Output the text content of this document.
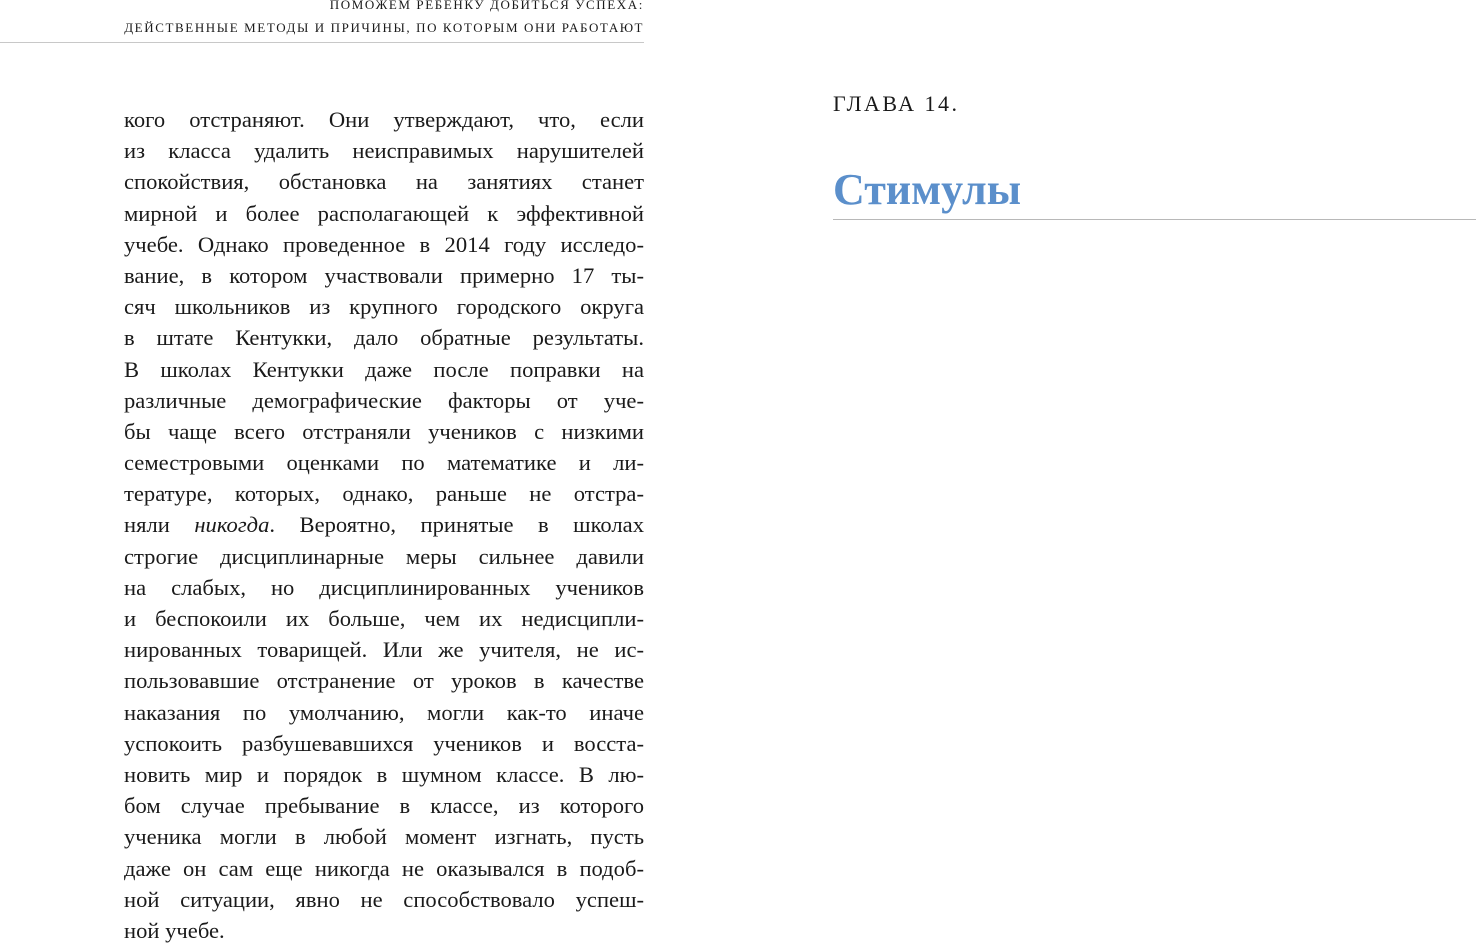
ПОМОЖЕМ РЕБЕНКУ ДОБИТЬСЯ УСПЕХА:

ДЕЙСТВЕННЫЕ МЕТОДЫ И ПРИЧИНЫ, ПО КОТОРЫМ ОНИ РАБОТАЮТ

кого отстраняют. Они утверждают, что, если
из класса удалить неисправимых нарушителей
спокойствия, обстановка на занятиях станет
мирной и более располагающей к эффективной
учебе. Однако проведенное в 2014 году исследо-
вание, в котором участвовали примерно 17 ты-
сяч школьников из крупного городского округа
в штате Кентукки, дало обратные результаты.
В школах Кентукки даже после поправки на
различные демографические факторы от уче-
бы чаще всего отстраняли учеников с низкими
семестровыми оценками по математике и ли-
тературе, которых, однако, раньше не отстра-
няли никогда. Вероятно, принятые в школах
строгие дисциплинарные меры сильнее давили
на слабых, но дисциплинированных учеников
и беспокоили их больше, чем их недисципли-
нированных товарищей. Или же учителя, не ис-
пользовавшие отстранение от уроков в качестве
наказания по умолчанию, могли как-то иначе
успокоить разбушевавшихся учеников и восста-
новить мир и порядок в шумном классе. В лю-
бом случае пребывание в классе, из которого
ученика могли в любой момент изгнать, пусть
даже он сам еще никогда не оказывался в подоб-
ной ситуации, явно не способствовало успеш-
ной учебе.
ГЛАВА 14.
Стимулы
